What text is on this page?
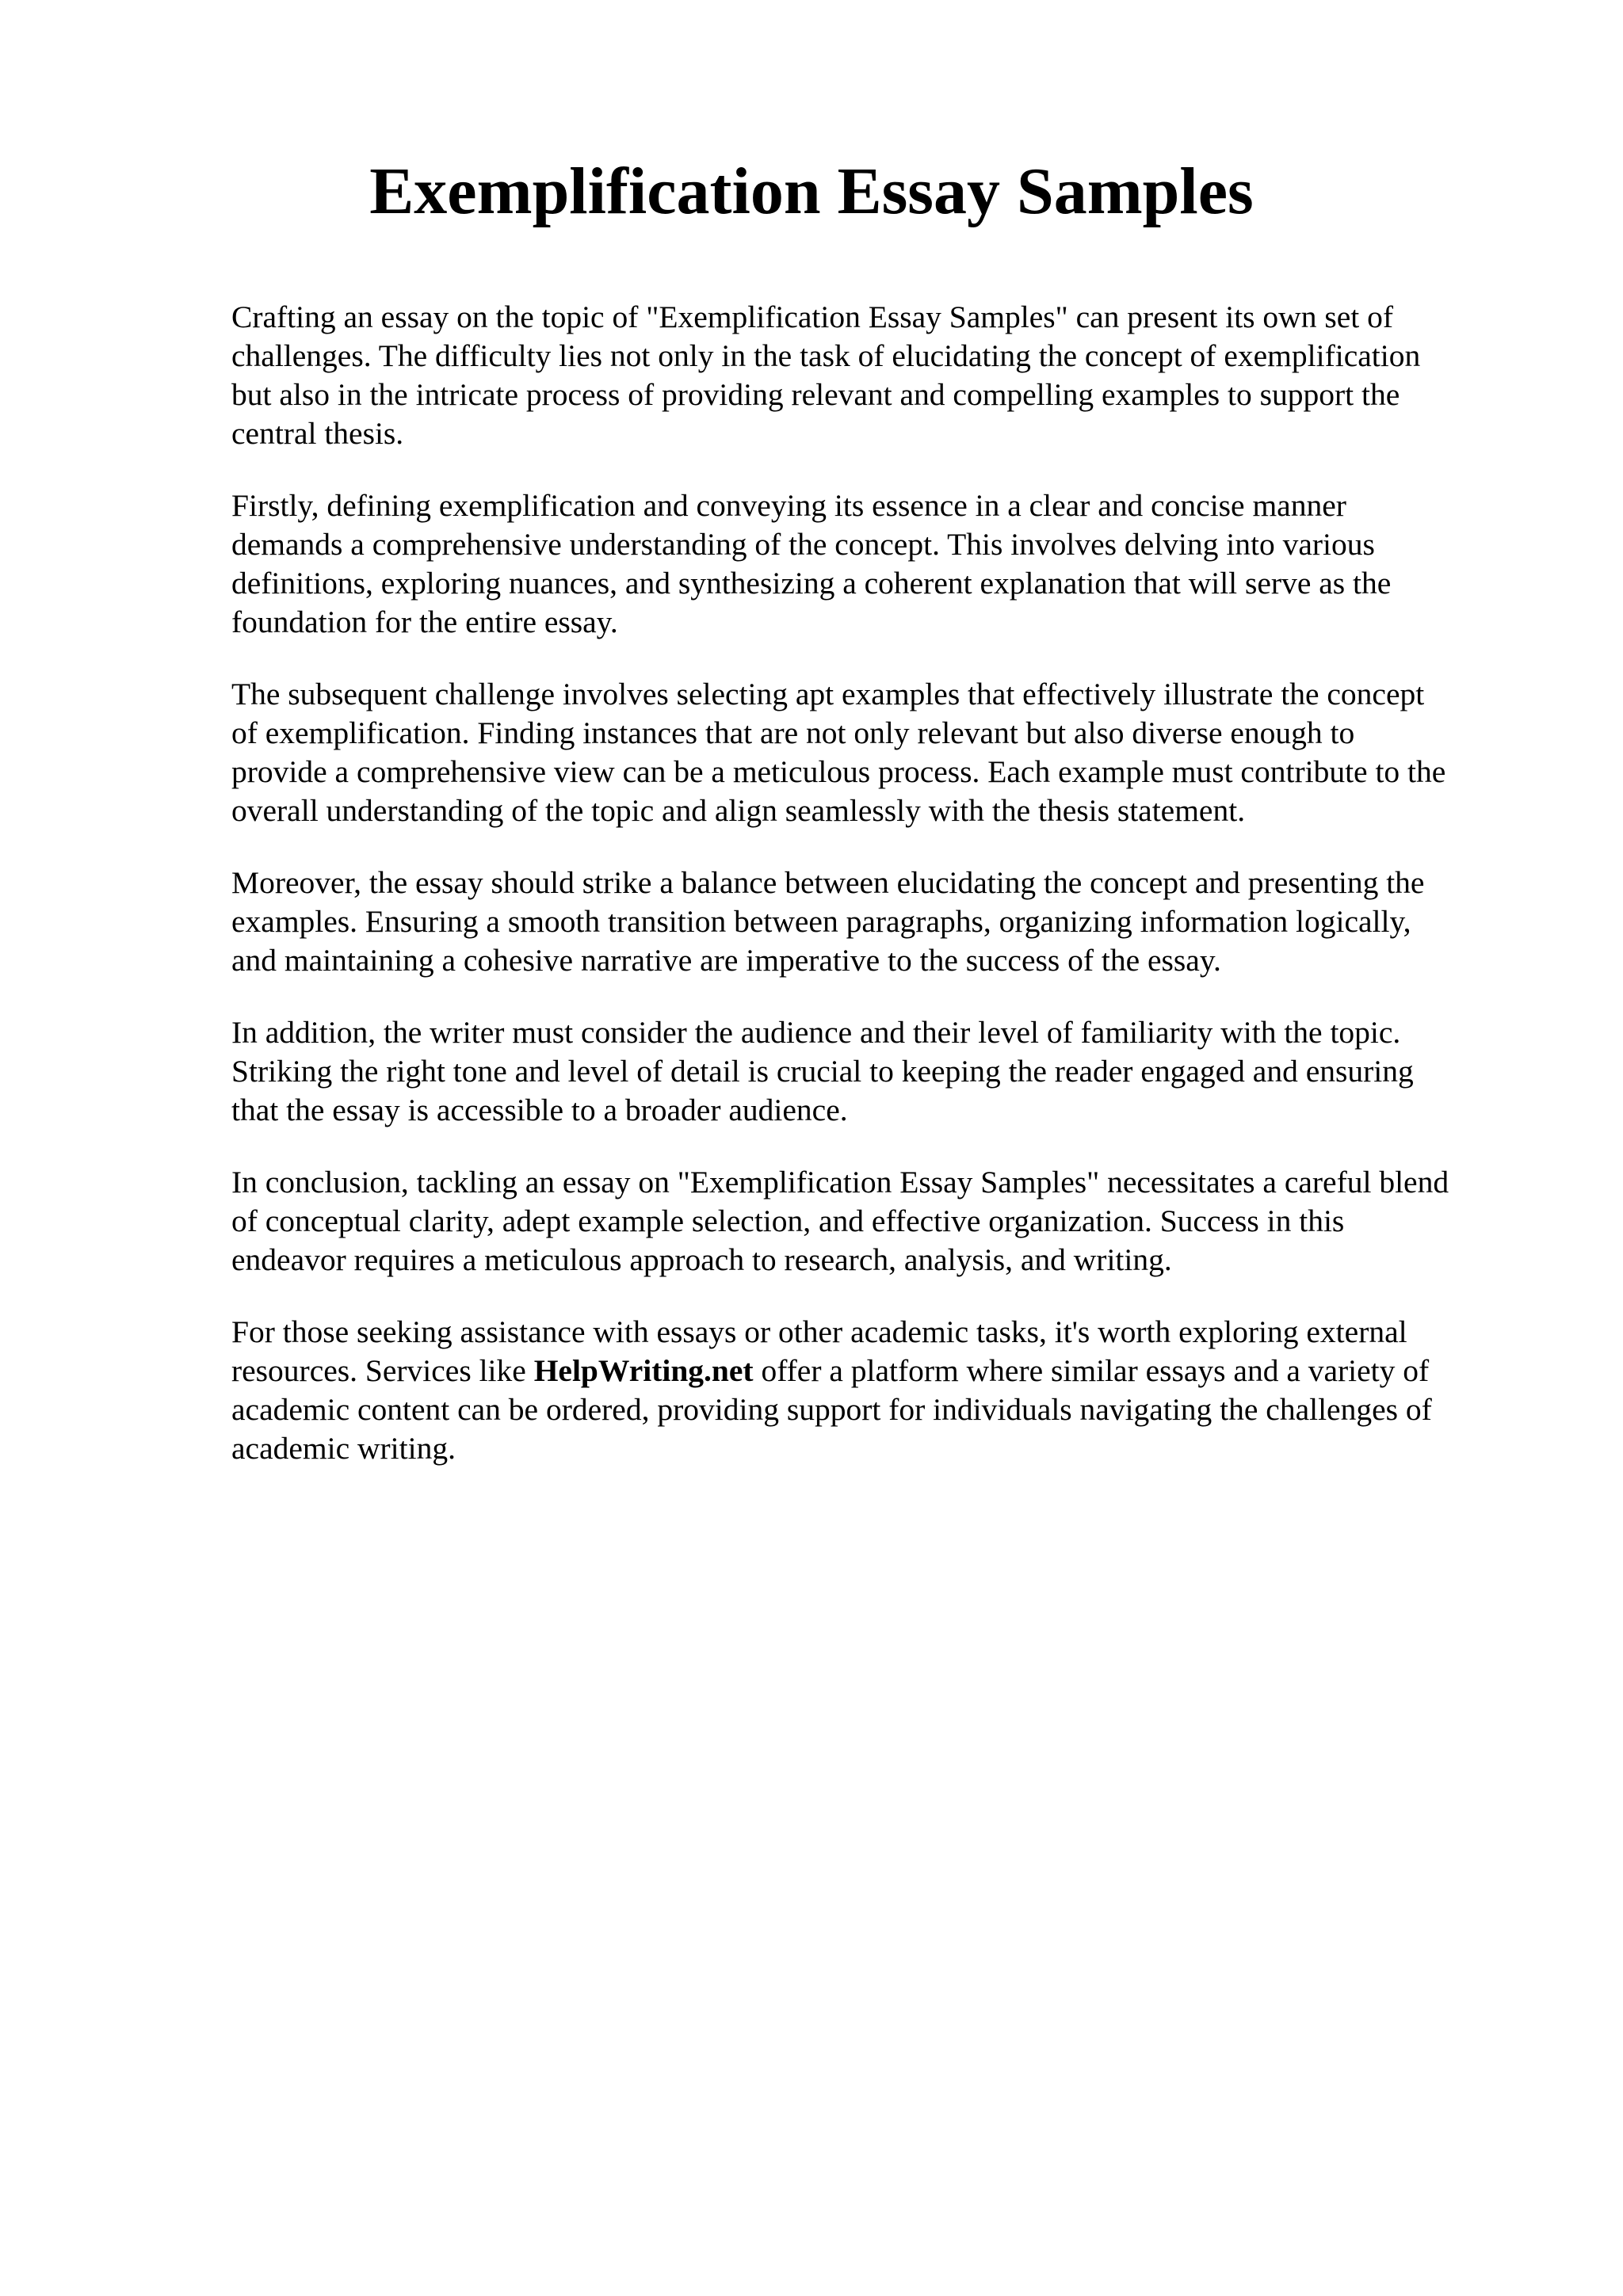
Exemplification Essay Samples

Crafting an essay on the topic of "Exemplification Essay Samples" can present its own set of
challenges. The difficulty lies not only in the task of elucidating the concept of exemplification
but also in the intricate process of providing relevant and compelling examples to support the
central thesis.

Firstly, defining exemplification and conveying its essence in a clear and concise manner
demands a comprehensive understanding of the concept. This involves delving into various
definitions, exploring nuances, and synthesizing a coherent explanation that will serve as the
foundation for the entire essay.

The subsequent challenge involves selecting apt examples that effectively illustrate the concept
of exemplification. Finding instances that are not only relevant but also diverse enough to
provide a comprehensive view can be a meticulous process. Each example must contribute to the
overall understanding of the topic and align seamlessly with the thesis statement.

Moreover, the essay should strike a balance between elucidating the concept and presenting the
examples. Ensuring a smooth transition between paragraphs, organizing information logically,
and maintaining a cohesive narrative are imperative to the success of the essay.

In addition, the writer must consider the audience and their level of familiarity with the topic.
Striking the right tone and level of detail is crucial to keeping the reader engaged and ensuring
that the essay is accessible to a broader audience.

In conclusion, tackling an essay on "Exemplification Essay Samples" necessitates a careful blend
of conceptual clarity, adept example selection, and effective organization. Success in this
endeavor requires a meticulous approach to research, analysis, and writing.

For those seeking assistance with essays or other academic tasks, it's worth exploring external
resources. Services like HelpWriting.net offer a platform where similar essays and a variety of
academic content can be ordered, providing support for individuals navigating the challenges of
academic writing.
